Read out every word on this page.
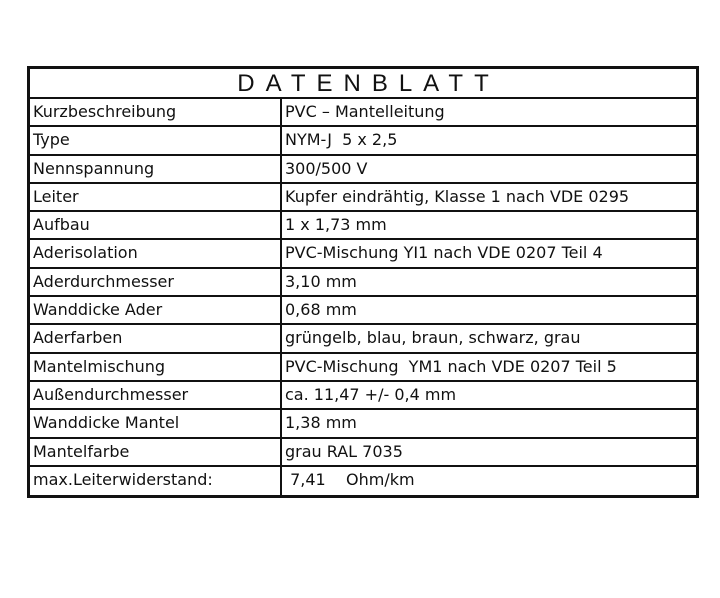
DATENBLATT
Kurzbeschreibung	PVC – Mantelleitung
Type	NYM-J  5 x 2,5
Nennspannung	300/500 V
Leiter	Kupfer eindrähtig, Klasse 1 nach VDE 0295
Aufbau	1 x 1,73 mm
Aderisolation	PVC-Mischung YI1 nach VDE 0207 Teil 4
Aderdurchmesser	3,10 mm
Wanddicke Ader	0,68 mm
Aderfarben	grüngelb, blau, braun, schwarz, grau
Mantelmischung	PVC-Mischung  YM1 nach VDE 0207 Teil 5
Außendurchmesser	ca. 11,47 +/- 0,4 mm
Wanddicke Mantel	1,38 mm
Mantelfarbe	grau RAL 7035
max.Leiterwiderstand:	7,41    Ohm/km
